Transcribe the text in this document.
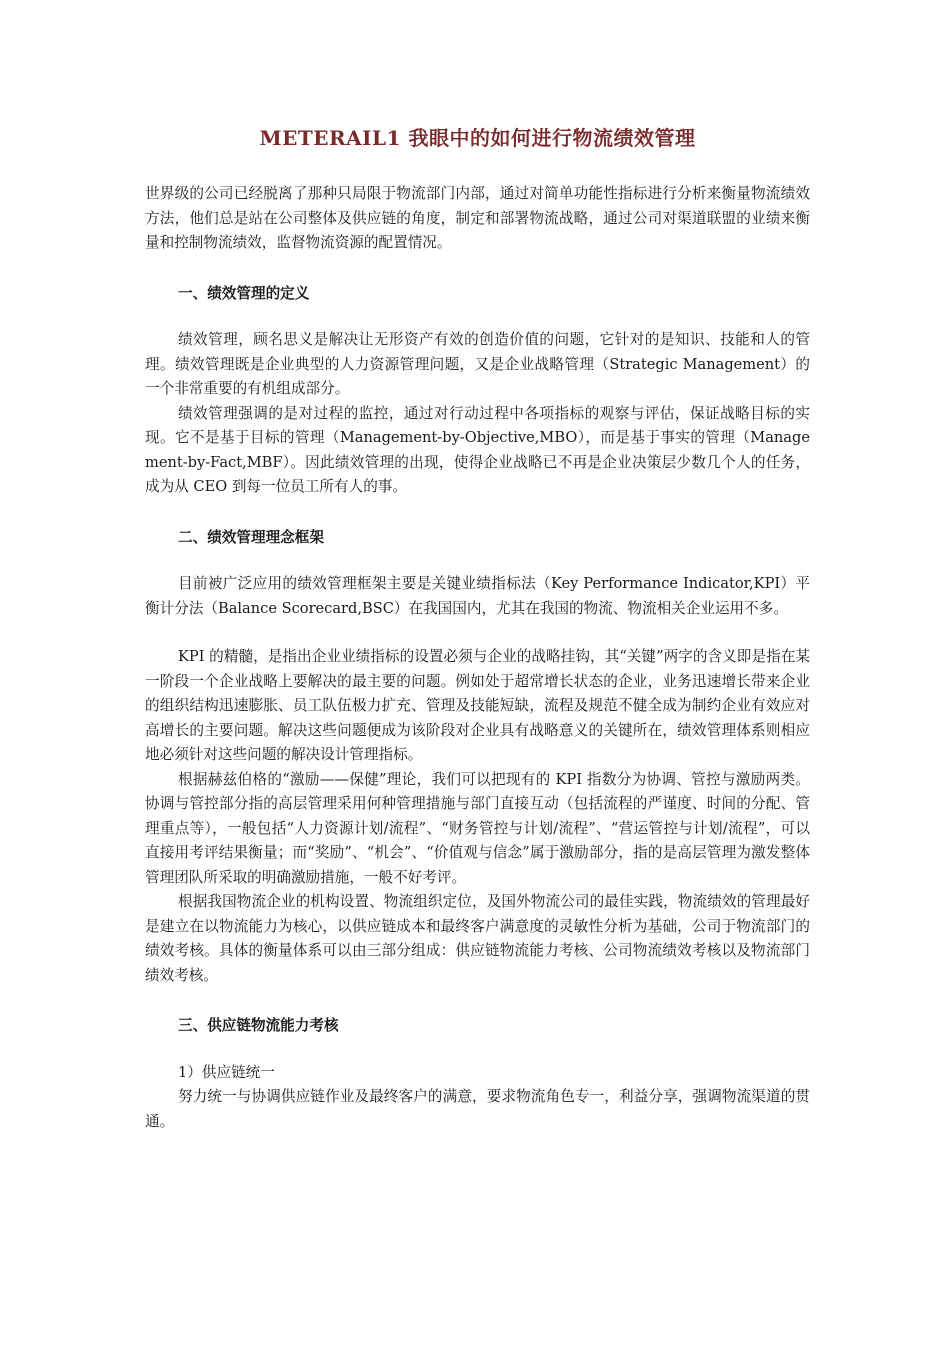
METERAIL1 我眼中的如何进行物流绩效管理

世界级的公司已经脱离了那种只局限于物流部门内部，通过对简单功能性指标进行分析来衡量物流绩效方法，他们总是站在公司整体及供应链的角度，制定和部署物流战略，通过公司对渠道联盟的业绩来衡量和控制物流绩效，监督物流资源的配置情况。

一、绩效管理的定义

绩效管理，顾名思义是解决让无形资产有效的创造价值的问题，它针对的是知识、技能和人的管理。绩效管理既是企业典型的人力资源管理问题，又是企业战略管理（Strategic Management）的一个非常重要的有机组成部分。

绩效管理强调的是对过程的监控，通过对行动过程中各项指标的观察与评估，保证战略目标的实现。它不是基于目标的管理（Management-by-Objective,MBO），而是基于事实的管理（Management-by-Fact,MBF）。因此绩效管理的出现，使得企业战略已不再是企业决策层少数几个人的任务，成为从 CEO 到每一位员工所有人的事。

二、绩效管理理念框架

目前被广泛应用的绩效管理框架主要是关键业绩指标法（Key Performance Indicator,KPI）平衡计分法（Balance Scorecard,BSC）在我国国内，尤其在我国的物流、物流相关企业运用不多。

KPI 的精髓，是指出企业业绩指标的设置必须与企业的战略挂钩，其“关键”两字的含义即是指在某一阶段一个企业战略上要解决的最主要的问题。例如处于超常增长状态的企业，业务迅速增长带来企业的组织结构迅速膨胀、员工队伍极力扩充、管理及技能短缺，流程及规范不健全成为制约企业有效应对高增长的主要问题。解决这些问题便成为该阶段对企业具有战略意义的关键所在，绩效管理体系则相应地必须针对这些问题的解决设计管理指标。

根据赫兹伯格的“激励——保健”理论，我们可以把现有的 KPI 指数分为协调、管控与激励两类。协调与管控部分指的高层管理采用何种管理措施与部门直接互动（包括流程的严谨度、时间的分配、管理重点等），一般包括“人力资源计划/流程”、“财务管控与计划/流程”、“营运管控与计划/流程”，可以直接用考评结果衡量；而“奖励”、“机会”、“价值观与信念”属于激励部分，指的是高层管理为激发整体管理团队所采取的明确激励措施，一般不好考评。

根据我国物流企业的机构设置、物流组织定位，及国外物流公司的最佳实践，物流绩效的管理最好是建立在以物流能力为核心，以供应链成本和最终客户满意度的灵敏性分析为基础，公司于物流部门的绩效考核。具体的衡量体系可以由三部分组成：供应链物流能力考核、公司物流绩效考核以及物流部门绩效考核。

三、供应链物流能力考核

1）供应链统一

努力统一与协调供应链作业及最终客户的满意，要求物流角色专一，利益分享，强调物流渠道的贯通。
